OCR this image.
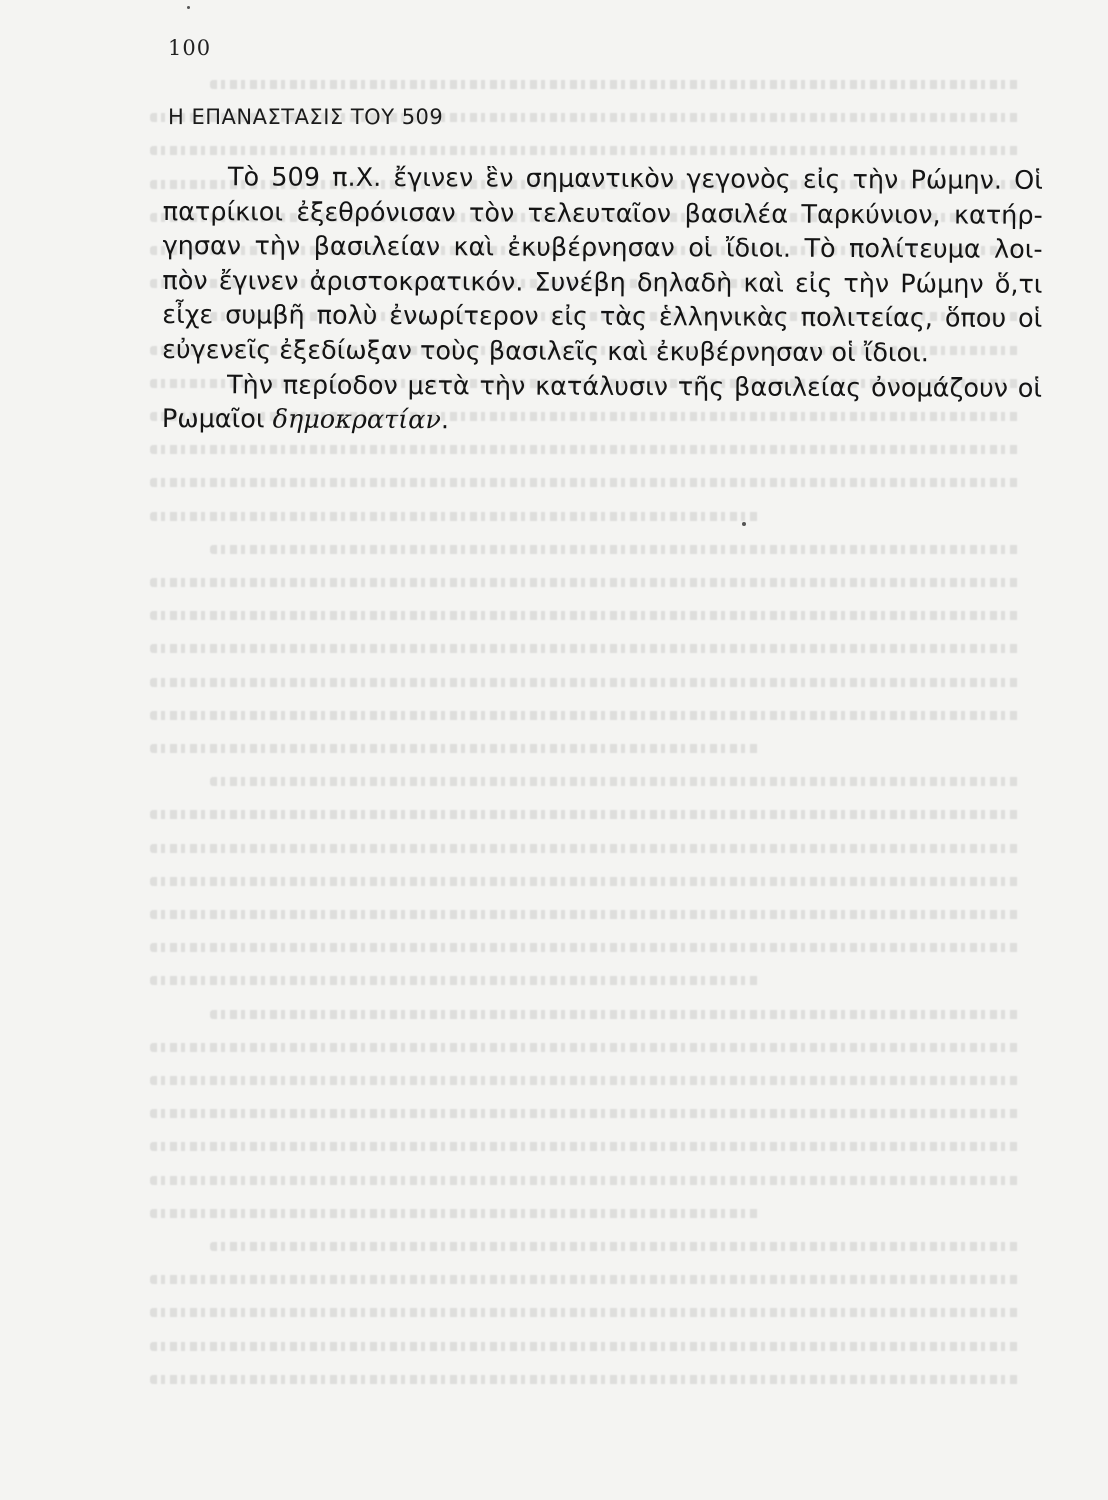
100
Η ΕΠΑΝΑΣΤΑΣΙΣ ΤΟΥ 509
Τὸ 509 π.Χ. ἔγινεν ἓν σημαντικὸν γεγονὸς εἰς τὴν Ρώμην. Οἱ
πατρίκιοι ἐξεθρόνισαν τὸν τελευταῖον βασιλέα Ταρκύνιον, κατήρ-
γησαν τὴν βασιλείαν καὶ ἐκυβέρνησαν οἱ ἴδιοι. Τὸ πολίτευμα λοι-
πὸν ἔγινεν ἀριστοκρατικόν. Συνέβη δηλαδὴ καὶ εἰς τὴν Ρώμην ὅ,τι
εἶχε συμβῆ πολὺ ἐνωρίτερον εἰς τὰς ἑλληνικὰς πολιτείας, ὅπου οἱ
εὐγενεῖς ἐξεδίωξαν τοὺς βασιλεῖς καὶ ἐκυβέρνησαν οἱ ἴδιοι.
Τὴν περίοδον μετὰ τὴν κατάλυσιν τῆς βασιλείας ὀνομάζουν οἱ
Ρωμαῖοι δημοκρατίαν.
